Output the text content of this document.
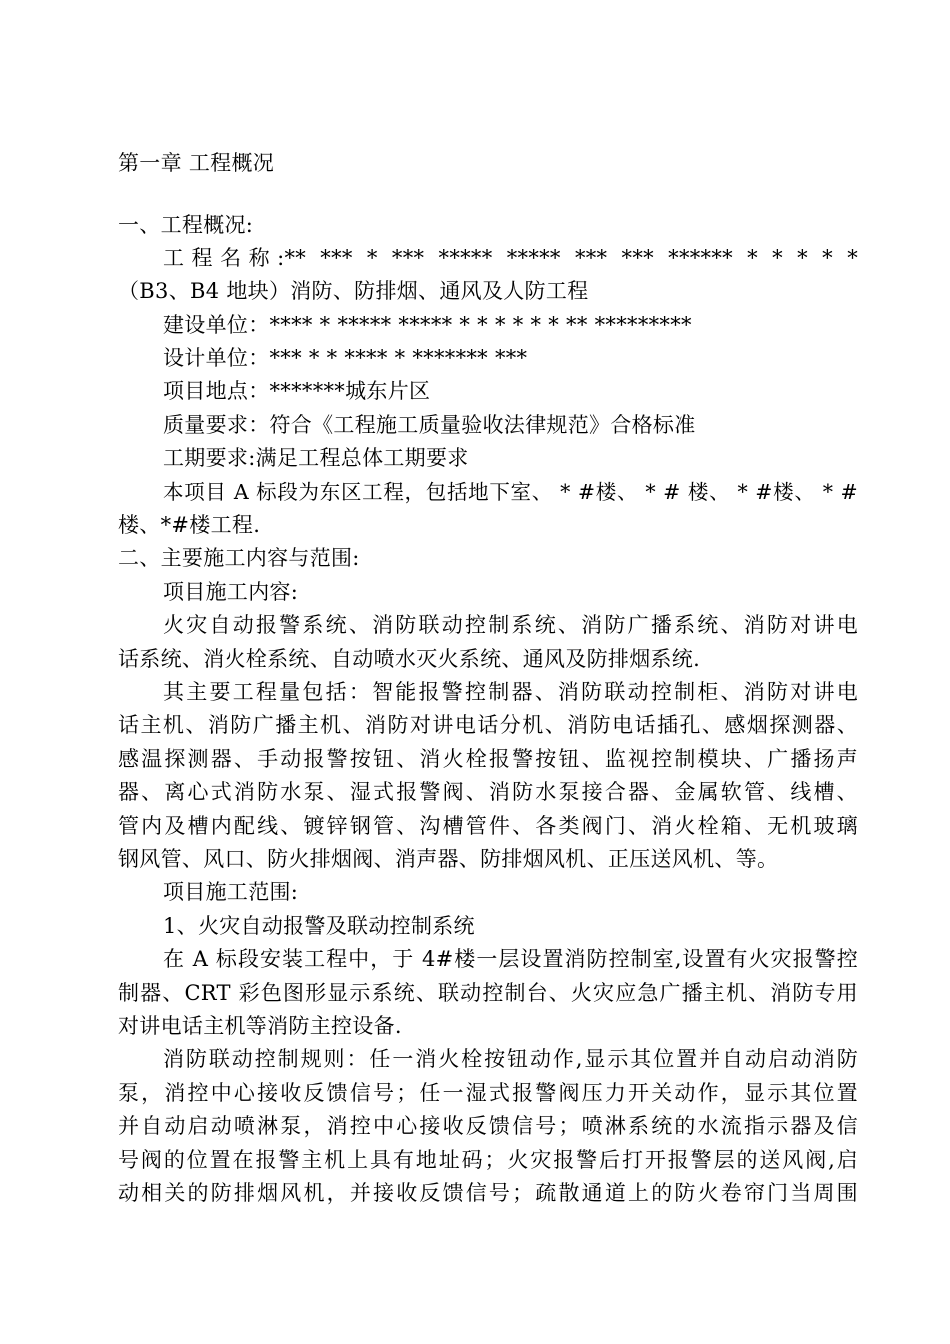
第一章 工程概况
一、工程概况:
工程名称:** *** * *** ***** ***** *** *** ****** * * * * *
（B3、B4 地块）消防、防排烟、通风及人防工程
建设单位：**** * ***** ***** * * * * * * ** *********
设计单位：*** * * **** * ******* ***
项目地点：*******城东片区
质量要求：符合《工程施工质量验收法律规范》合格标准
工期要求:满足工程总体工期要求
本项目 A 标段为东区工程，包括地下室、 * #楼、 * # 楼、 * #楼、 * #
楼、*#楼工程.
二、主要施工内容与范围:
项目施工内容:
火灾自动报警系统、消防联动控制系统、消防广播系统、消防对讲电
话系统、消火栓系统、自动喷水灭火系统、通风及防排烟系统.
其主要工程量包括：智能报警控制器、消防联动控制柜、消防对讲电
话主机、消防广播主机、消防对讲电话分机、消防电话插孔、感烟探测器、
感温探测器、手动报警按钮、消火栓报警按钮、监视控制模块、广播扬声
器、离心式消防水泵、湿式报警阀、消防水泵接合器、金属软管、线槽、
管内及槽内配线、镀锌钢管、沟槽管件、各类阀门、消火栓箱、无机玻璃
钢风管、风口、防火排烟阀、消声器、防排烟风机、正压送风机、等。
项目施工范围:
1、火灾自动报警及联动控制系统
在 A 标段安装工程中，于 4#楼一层设置消防控制室,设置有火灾报警控
制器、CRT 彩色图形显示系统、联动控制台、火灾应急广播主机、消防专用
对讲电话主机等消防主控设备.
消防联动控制规则：任一消火栓按钮动作,显示其位置并自动启动消防
泵，消控中心接收反馈信号；任一湿式报警阀压力开关动作，显示其位置
并自动启动喷淋泵，消控中心接收反馈信号；喷淋系统的水流指示器及信
号阀的位置在报警主机上具有地址码；火灾报警后打开报警层的送风阀,启
动相关的防排烟风机，并接收反馈信号；疏散通道上的防火卷帘门当周围
